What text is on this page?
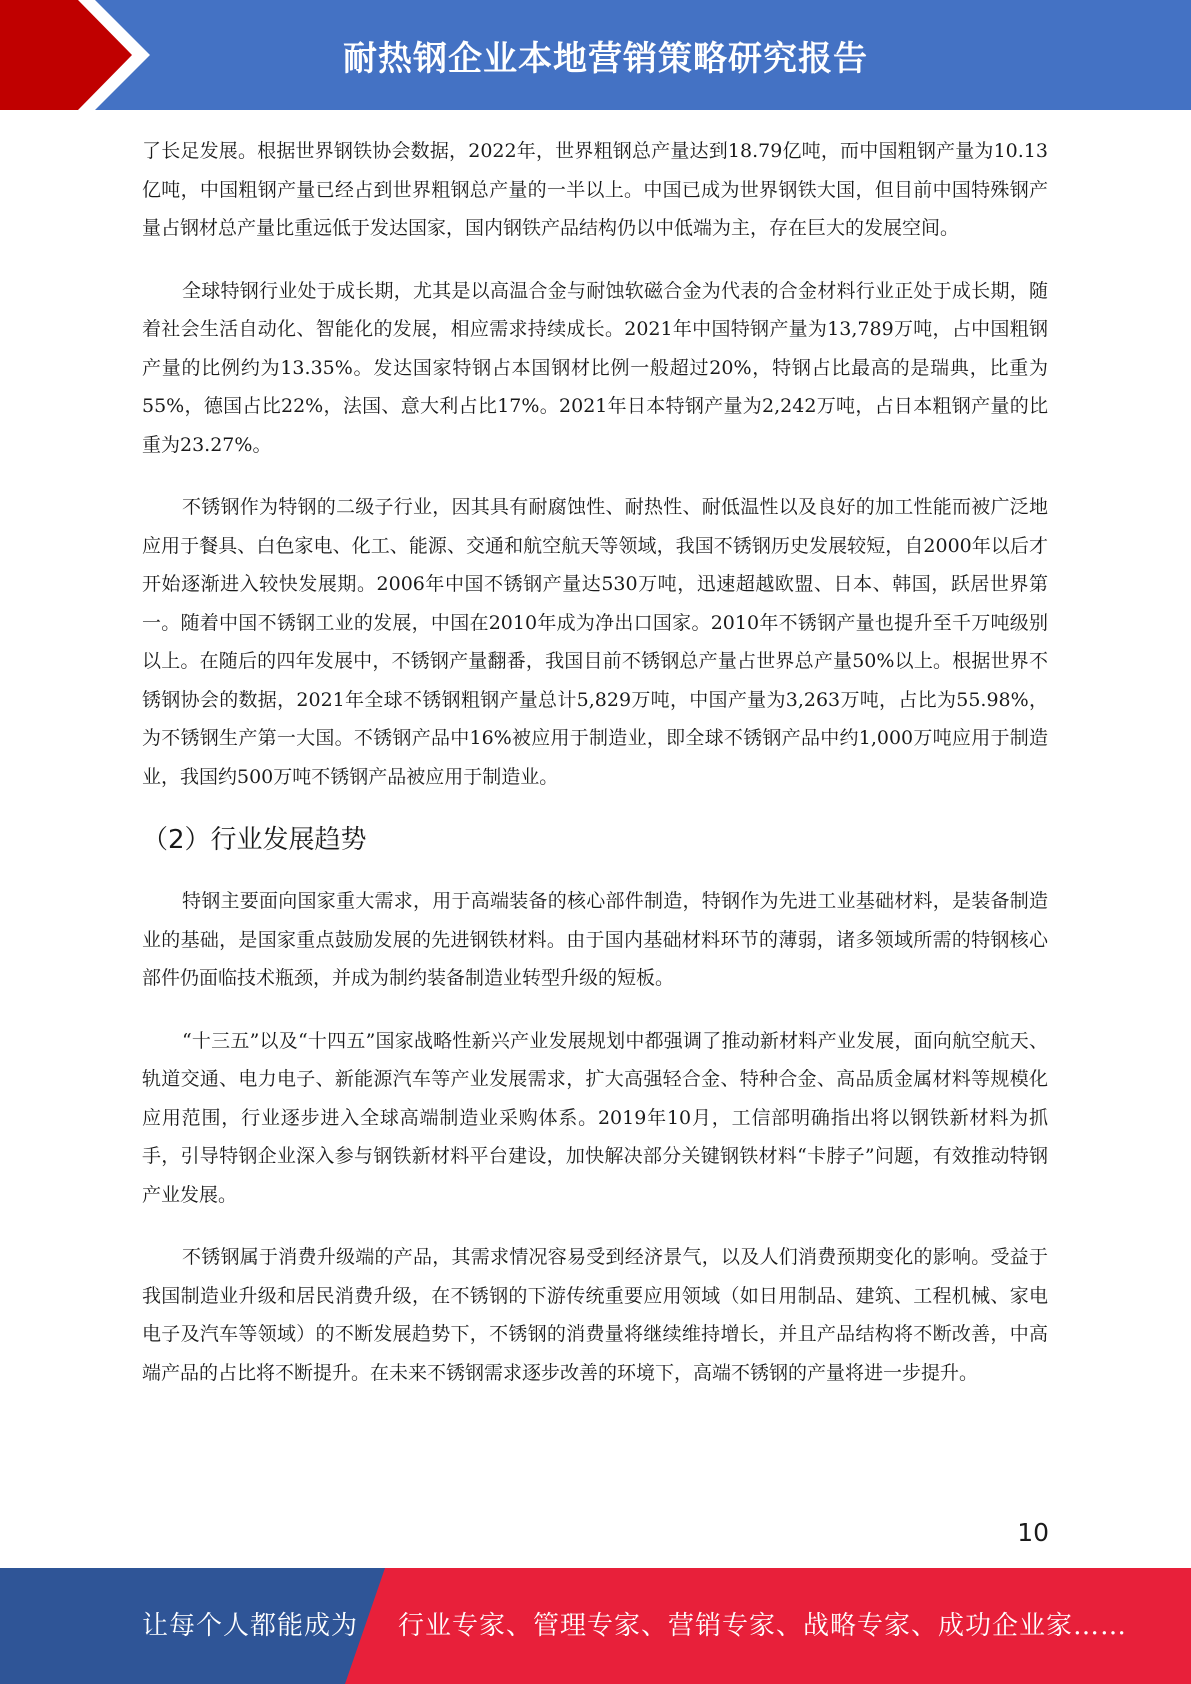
耐热钢企业本地营销策略研究报告

了长足发展。根据世界钢铁协会数据，2022年，世界粗钢总产量达到18.79亿吨，而中国粗钢产量为10.13亿吨，中国粗钢产量已经占到世界粗钢总产量的一半以上。中国已成为世界钢铁大国，但目前中国特殊钢产量占钢材总产量比重远低于发达国家，国内钢铁产品结构仍以中低端为主，存在巨大的发展空间。

全球特钢行业处于成长期，尤其是以高温合金与耐蚀软磁合金为代表的合金材料行业正处于成长期，随着社会生活自动化、智能化的发展，相应需求持续成长。2021年中国特钢产量为13,789万吨，占中国粗钢产量的比例约为13.35%。发达国家特钢占本国钢材比例一般超过20%，特钢占比最高的是瑞典，比重为55%，德国占比22%，法国、意大利占比17%。2021年日本特钢产量为2,242万吨，占日本粗钢产量的比重为23.27%。

不锈钢作为特钢的二级子行业，因其具有耐腐蚀性、耐热性、耐低温性以及良好的加工性能而被广泛地应用于餐具、白色家电、化工、能源、交通和航空航天等领域，我国不锈钢历史发展较短，自2000年以后才开始逐渐进入较快发展期。2006年中国不锈钢产量达530万吨，迅速超越欧盟、日本、韩国，跃居世界第一。随着中国不锈钢工业的发展，中国在2010年成为净出口国家。2010年不锈钢产量也提升至千万吨级别以上。在随后的四年发展中，不锈钢产量翻番，我国目前不锈钢总产量占世界总产量50%以上。根据世界不锈钢协会的数据，2021年全球不锈钢粗钢产量总计5,829万吨，中国产量为3,263万吨，占比为55.98%，为不锈钢生产第一大国。不锈钢产品中16%被应用于制造业，即全球不锈钢产品中约1,000万吨应用于制造业，我国约500万吨不锈钢产品被应用于制造业。

（2）行业发展趋势

特钢主要面向国家重大需求，用于高端装备的核心部件制造，特钢作为先进工业基础材料，是装备制造业的基础，是国家重点鼓励发展的先进钢铁材料。由于国内基础材料环节的薄弱，诸多领域所需的特钢核心部件仍面临技术瓶颈，并成为制约装备制造业转型升级的短板。

“十三五”以及“十四五”国家战略性新兴产业发展规划中都强调了推动新材料产业发展，面向航空航天、轨道交通、电力电子、新能源汽车等产业发展需求，扩大高强轻合金、特种合金、高品质金属材料等规模化应用范围，行业逐步进入全球高端制造业采购体系。2019年10月，工信部明确指出将以钢铁新材料为抓手，引导特钢企业深入参与钢铁新材料平台建设，加快解决部分关键钢铁材料“卡脖子”问题，有效推动特钢产业发展。

不锈钢属于消费升级端的产品，其需求情况容易受到经济景气，以及人们消费预期变化的影响。受益于我国制造业升级和居民消费升级，在不锈钢的下游传统重要应用领域（如日用制品、建筑、工程机械、家电电子及汽车等领域）的不断发展趋势下，不锈钢的消费量将继续维持增长，并且产品结构将不断改善，中高端产品的占比将不断提升。在未来不锈钢需求逐步改善的环境下，高端不锈钢的产量将进一步提升。

10
让每个人都能成为 行业专家、管理专家、营销专家、战略专家、成功企业家……
